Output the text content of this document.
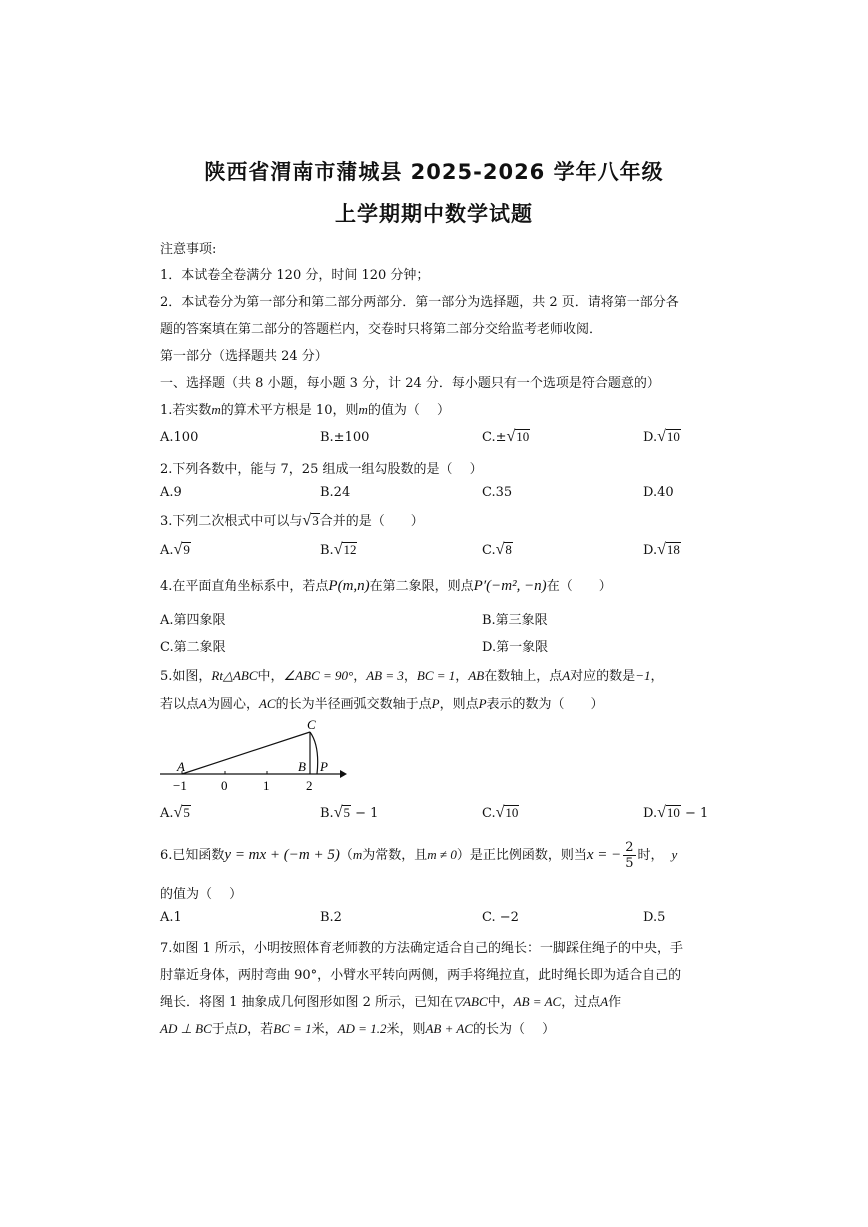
陕西省渭南市蒲城县 2025-2026 学年八年级
上学期期中数学试题
注意事项:
1．本试卷全卷满分 120 分，时间 120 分钟；
2．本试卷分为第一部分和第二部分两部分．第一部分为选择题，共 2 页．请将第一部分各
题的答案填在第二部分的答题栏内，交卷时只将第二部分交给监考老师收阅．
第一部分（选择题共 24 分）
一、选择题（共 8 小题，每小题 3 分，计 24 分．每小题只有一个选项是符合题意的）
1.若实数m的算术平方根是 10，则m的值为（　 ）
A.100	B.±100	C.±√10	D.√10
2.下列各数中，能与 7，25 组成一组勾股数的是（　 ）
A.9	B.24	C.35	D.40
3.下列二次根式中可以与√3合并的是（　　）
A.√9	B.√12	C.√8	D.√18
4.在平面直角坐标系中，若点P(m,n)在第二象限，则点P′(−m², −n)在（　　）
A.第四象限	B.第三象限
C.第二象限	D.第一象限
5.如图，Rt△ABC中，∠ABC = 90°，AB = 3，BC = 1，AB在数轴上，点A对应的数是−1，
若以点A为圆心，AC的长为半径画弧交数轴于点P，则点P表示的数为（　　）
A	B
C
P
−1	0	1	2
A.√5	B.√5 − 1	C.√10	D.√10 − 1
6.已知函数y = mx + (−m + 5)（m为常数，且m ≠ 0）是正比例函数，则当x = − $\frac{2}{5}$ 时， y
的值为（　 ）
A.1	B.2	C. −2	D.5
7.如图 1 所示，小明按照体育老师教的方法确定适合自己的绳长：一脚踩住绳子的中央，手
肘靠近身体，两肘弯曲 90°，小臂水平转向两侧，两手将绳拉直，此时绳长即为适合自己的
绳长．将图 1 抽象成几何图形如图 2 所示，已知在▽ABC中，AB = AC，过点A作
AD ⊥ BC于点D，若BC = 1米，AD = 1.2米，则AB + AC的长为（　 ）
